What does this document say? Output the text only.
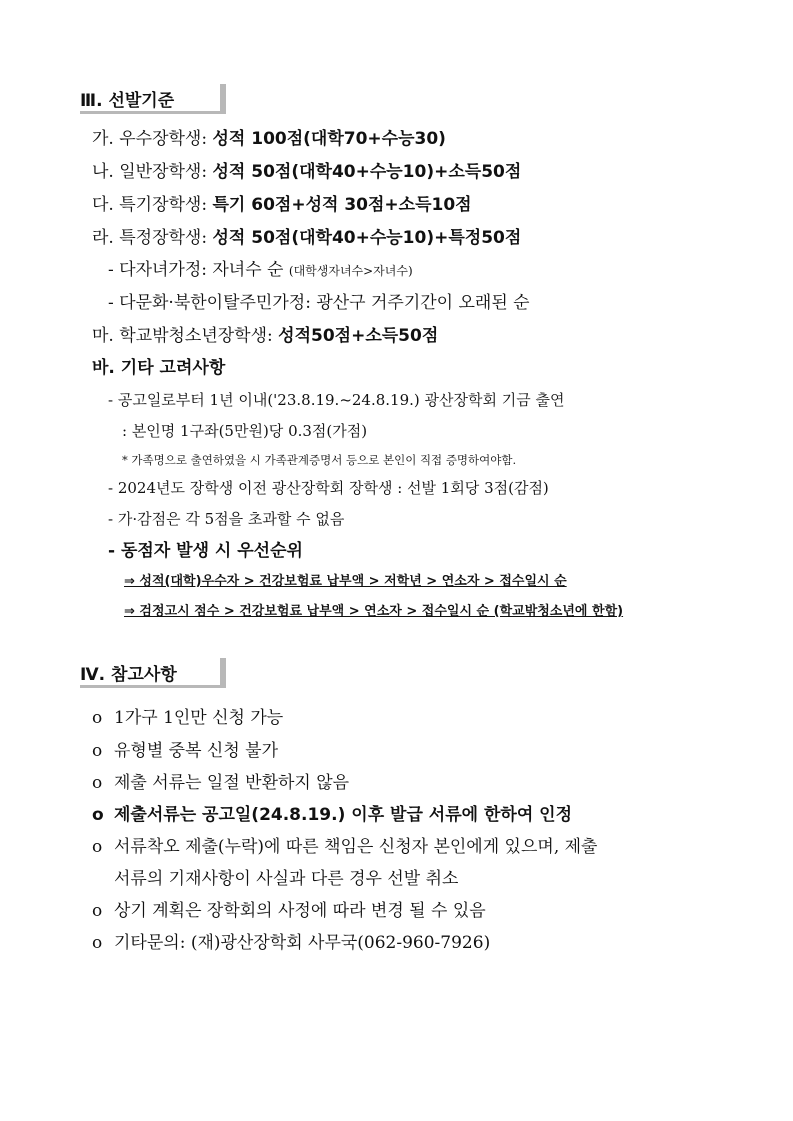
Ⅲ. 선발기준
가. 우수장학생: 성적 100점(대학70+수능30)
나. 일반장학생: 성적 50점(대학40+수능10)+소득50점
다. 특기장학생: 특기 60점+성적 30점+소득10점
라. 특정장학생: 성적 50점(대학40+수능10)+특정50점
- 다자녀가정: 자녀수 순 (대학생자녀수>자녀수)
- 다문화·북한이탈주민가정: 광산구 거주기간이 오래된 순
마. 학교밖청소년장학생: 성적50점+소득50점
바. 기타 고려사항
- 공고일로부터 1년 이내('23.8.19.~24.8.19.) 광산장학회 기금 출연
: 본인명 1구좌(5만원)당 0.3점(가점)
* 가족명으로 출연하였을 시 가족관계증명서 등으로 본인이 직접 증명하여야함.
- 2024년도 장학생 이전 광산장학회 장학생 : 선발 1회당 3점(감점)
- 가·감점은 각 5점을 초과할 수 없음
- 동점자 발생 시 우선순위
⇒ 성적(대학)우수자 > 건강보험료 납부액 > 저학년 > 연소자 > 접수일시 순
⇒ 검정고시 점수 > 건강보험료 납부액 > 연소자 > 접수일시 순 (학교밖청소년에 한함)
Ⅳ. 참고사항
o 1가구 1인만 신청 가능
o 유형별 중복 신청 불가
o 제출 서류는 일절 반환하지 않음
o 제출서류는 공고일(24.8.19.) 이후 발급 서류에 한하여 인정
o 서류착오 제출(누락)에 따른 책임은 신청자 본인에게 있으며, 제출
서류의 기재사항이 사실과 다른 경우 선발 취소
o 상기 계획은 장학회의 사정에 따라 변경 될 수 있음
o 기타문의: (재)광산장학회 사무국(062-960-7926)
